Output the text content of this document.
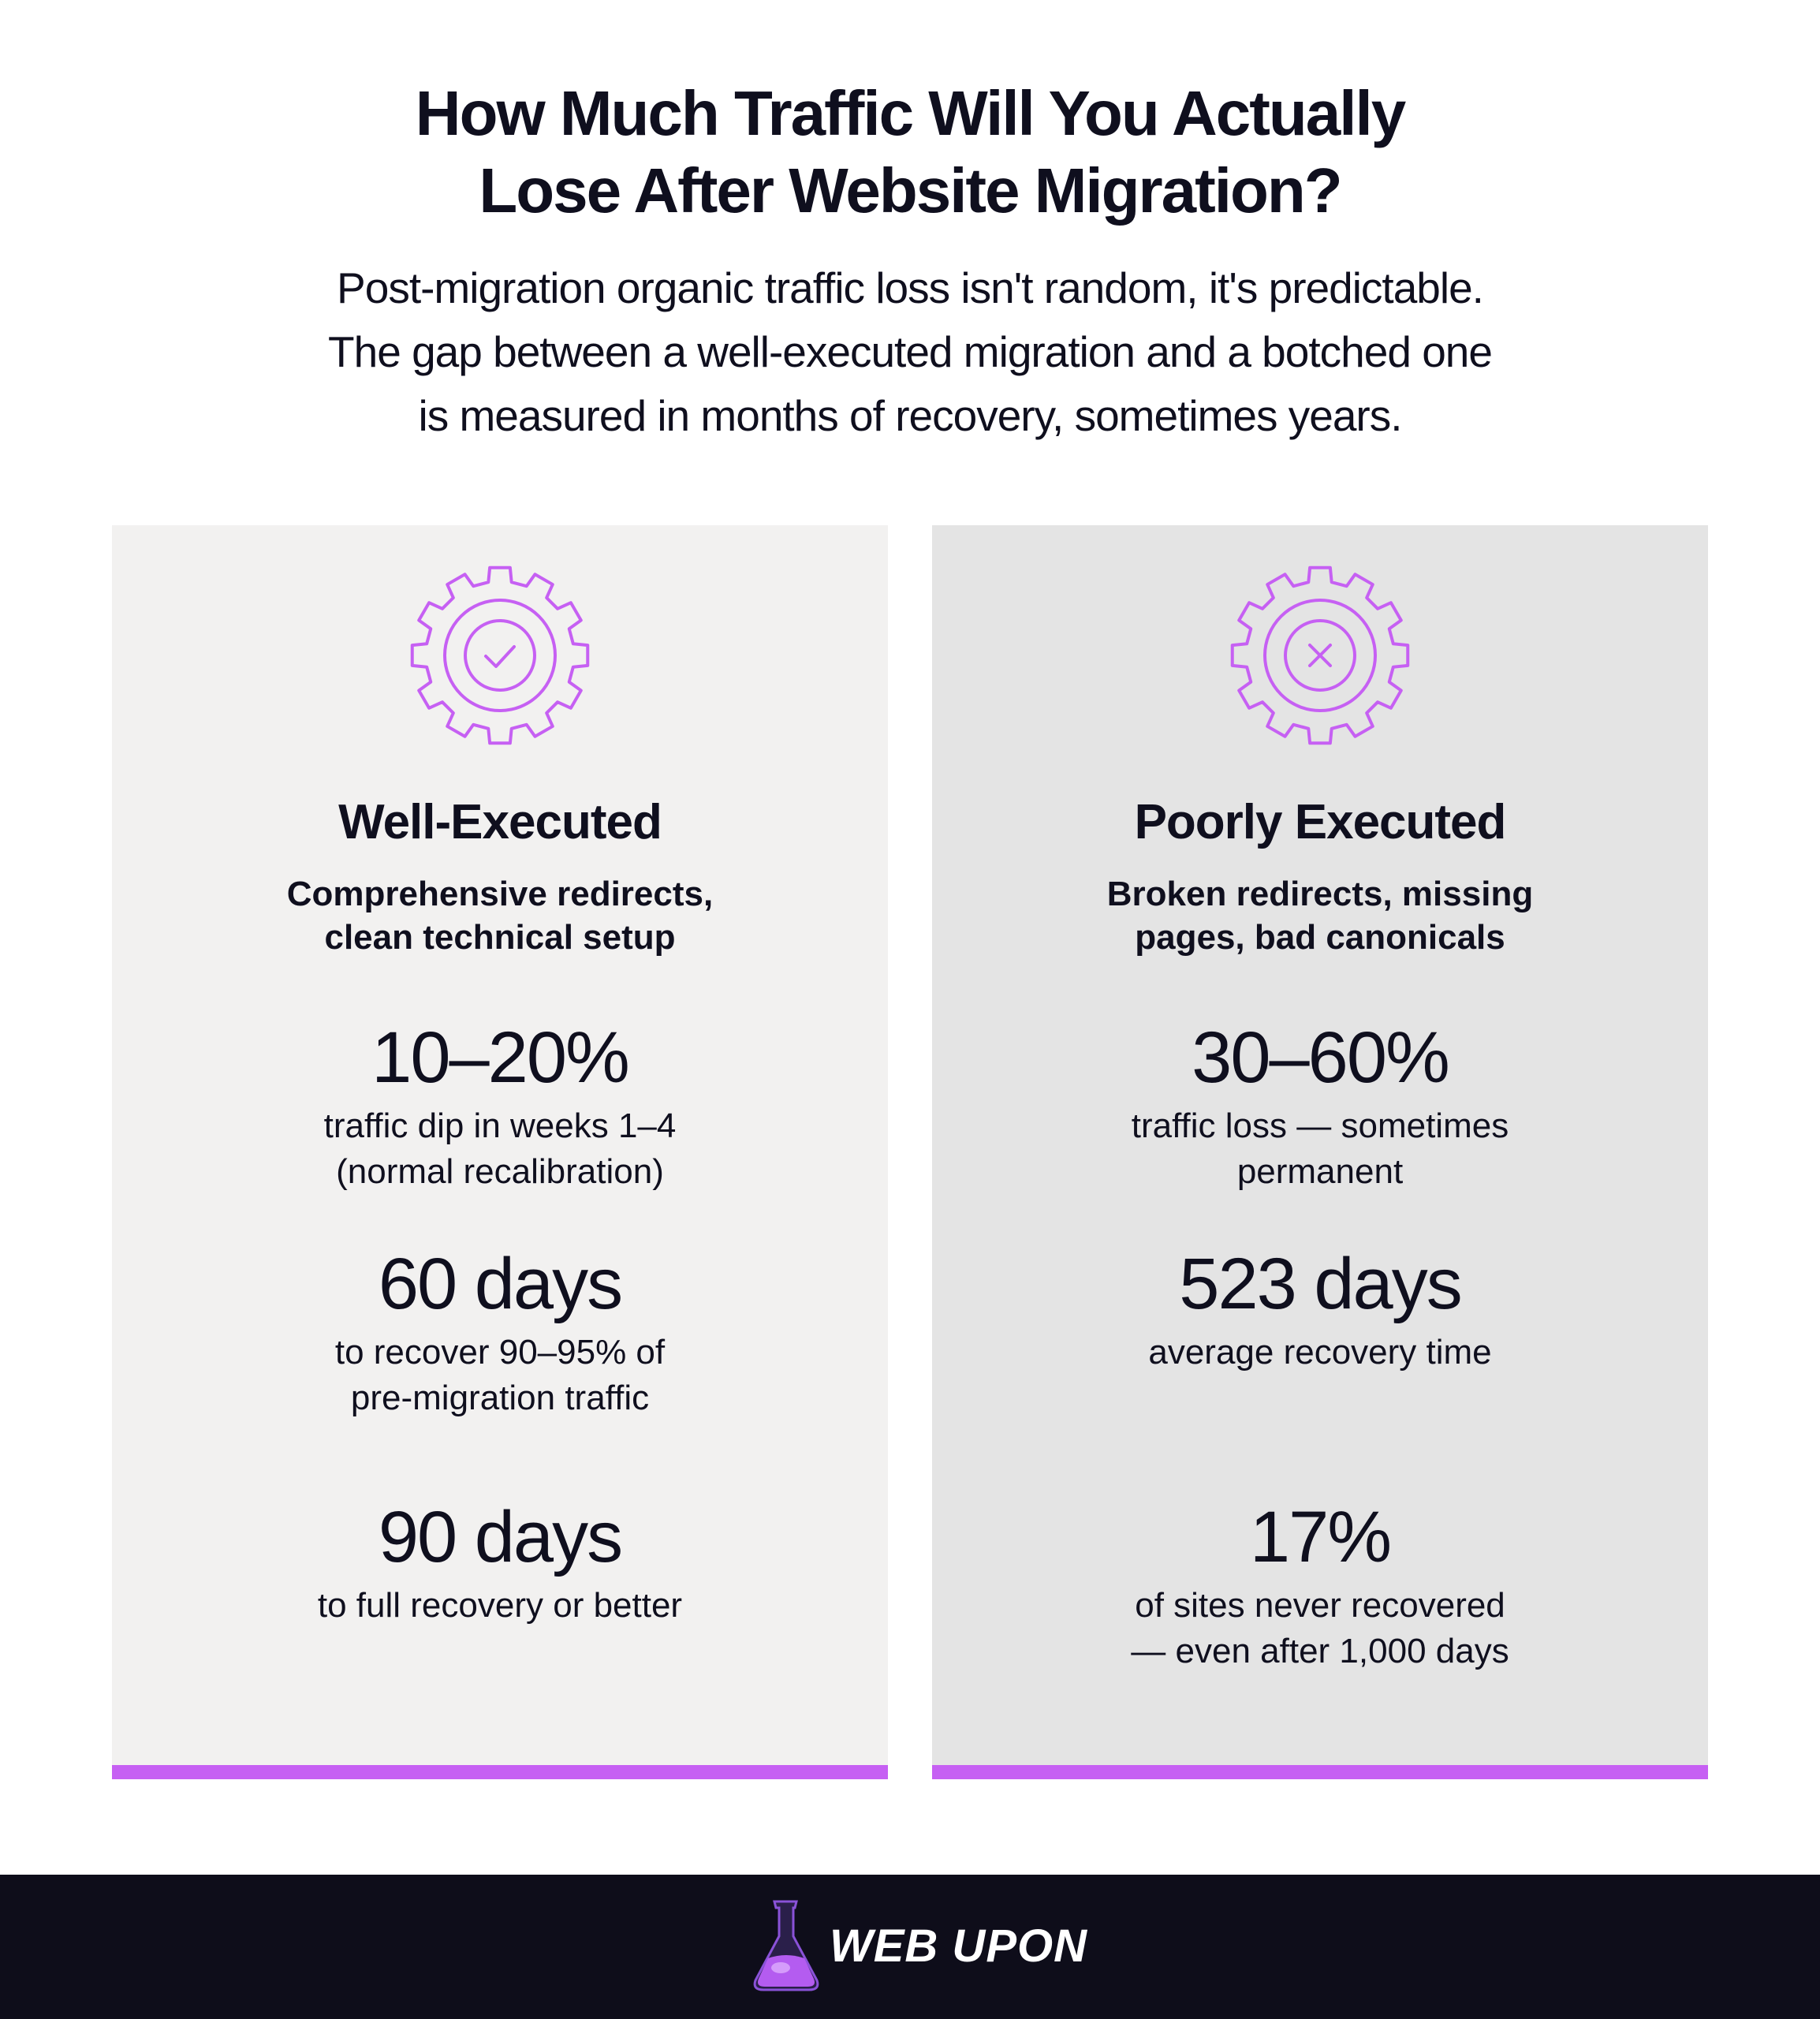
How Much Traffic Will You Actually
Lose After Website Migration?

Post-migration organic traffic loss isn't random, it's predictable.
The gap between a well-executed migration and a botched one
is measured in months of recovery, sometimes years.

Well-Executed
Comprehensive redirects,
clean technical setup
10–20%
traffic dip in weeks 1–4
(normal recalibration)
60 days
to recover 90–95% of
pre-migration traffic
90 days
to full recovery or better
Poorly Executed
Broken redirects, missing
pages, bad canonicals
30–60%
traffic loss — sometimes
permanent
523 days
average recovery time
17%
of sites never recovered
— even after 1,000 days
WEB UPON
